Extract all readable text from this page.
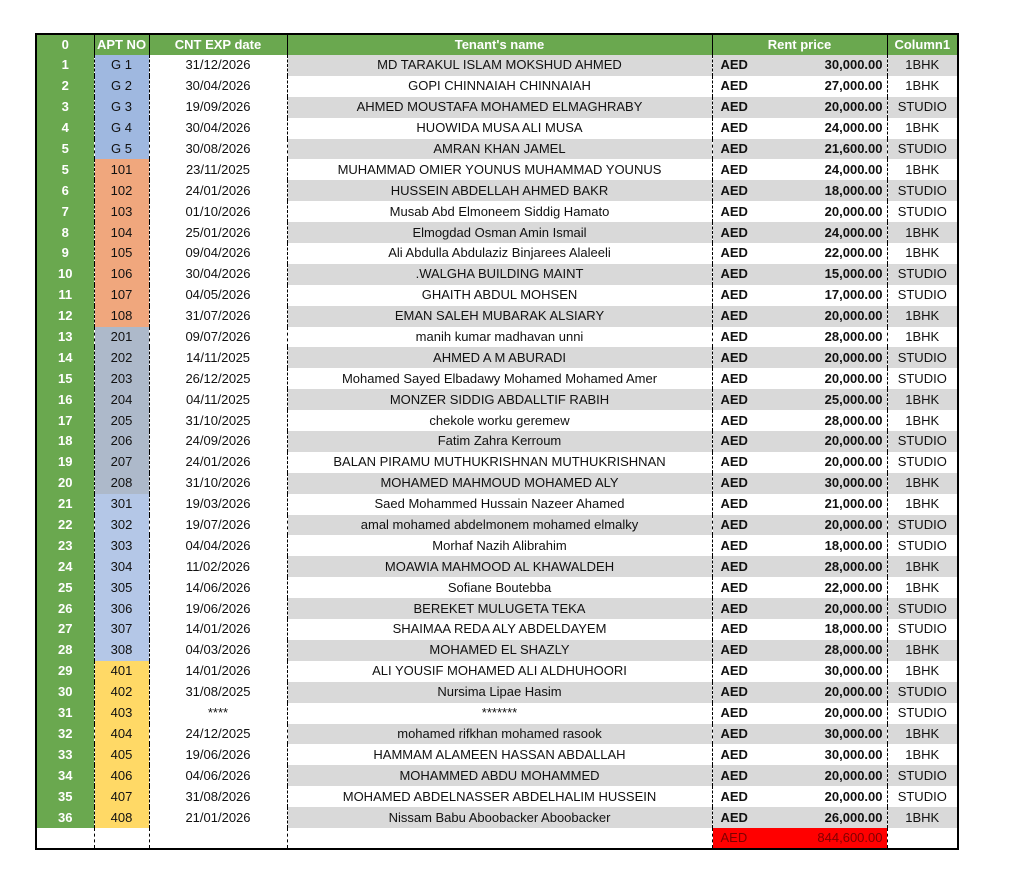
0	APT NO	CNT EXP date	Tenant's name	Rent price		Column1
1	G 1	31/12/2026	MD TARAKUL ISLAM MOKSHUD AHMED	AED	30,000.00	1BHK
2	G 2	30/04/2026	GOPI CHINNAIAH CHINNAIAH	AED	27,000.00	1BHK
3	G 3	19/09/2026	AHMED MOUSTAFA MOHAMED ELMAGHRABY	AED	20,000.00	STUDIO
4	G 4	30/04/2026	HUOWIDA MUSA ALI MUSA	AED	24,000.00	1BHK
5	G 5	30/08/2026	AMRAN KHAN JAMEL	AED	21,600.00	STUDIO
5	101	23/11/2025	MUHAMMAD OMIER YOUNUS MUHAMMAD YOUNUS	AED	24,000.00	1BHK
6	102	24/01/2026	HUSSEIN ABDELLAH AHMED BAKR	AED	18,000.00	STUDIO
7	103	01/10/2026	Musab Abd Elmoneem Siddig Hamato	AED	20,000.00	STUDIO
8	104	25/01/2026	Elmogdad Osman Amin Ismail	AED	24,000.00	1BHK
9	105	09/04/2026	Ali Abdulla Abdulaziz Binjarees Alaleeli	AED	22,000.00	1BHK
10	106	30/04/2026	.WALGHA BUILDING MAINT	AED	15,000.00	STUDIO
11	107	04/05/2026	GHAITH ABDUL MOHSEN	AED	17,000.00	STUDIO
12	108	31/07/2026	EMAN SALEH MUBARAK ALSIARY	AED	20,000.00	1BHK
13	201	09/07/2026	manih kumar madhavan unni	AED	28,000.00	1BHK
14	202	14/11/2025	AHMED A M ABURADI	AED	20,000.00	STUDIO
15	203	26/12/2025	Mohamed Sayed Elbadawy Mohamed Mohamed Amer	AED	20,000.00	STUDIO
16	204	04/11/2025	MONZER SIDDIG ABDALLTIF RABIH	AED	25,000.00	1BHK
17	205	31/10/2025	chekole worku geremew	AED	28,000.00	1BHK
18	206	24/09/2026	Fatim Zahra Kerroum	AED	20,000.00	STUDIO
19	207	24/01/2026	BALAN PIRAMU MUTHUKRISHNAN MUTHUKRISHNAN	AED	20,000.00	STUDIO
20	208	31/10/2026	MOHAMED MAHMOUD MOHAMED ALY	AED	30,000.00	1BHK
21	301	19/03/2026	Saed Mohammed Hussain Nazeer Ahamed	AED	21,000.00	1BHK
22	302	19/07/2026	amal mohamed abdelmonem mohamed elmalky	AED	20,000.00	STUDIO
23	303	04/04/2026	Morhaf Nazih Alibrahim	AED	18,000.00	STUDIO
24	304	11/02/2026	MOAWIA MAHMOOD AL KHAWALDEH	AED	28,000.00	1BHK
25	305	14/06/2026	Sofiane Boutebba	AED	22,000.00	1BHK
26	306	19/06/2026	BEREKET MULUGETA TEKA	AED	20,000.00	STUDIO
27	307	14/01/2026	SHAIMAA REDA ALY ABDELDAYEM	AED	18,000.00	STUDIO
28	308	04/03/2026	MOHAMED EL SHAZLY	AED	28,000.00	1BHK
29	401	14/01/2026	ALI YOUSIF MOHAMED ALI ALDHUHOORI	AED	30,000.00	1BHK
30	402	31/08/2025	Nursima Lipae Hasim	AED	20,000.00	STUDIO
31	403	****	*******	AED	20,000.00	STUDIO
32	404	24/12/2025	mohamed rifkhan mohamed rasook	AED	30,000.00	1BHK
33	405	19/06/2026	HAMMAM ALAMEEN HASSAN ABDALLAH	AED	30,000.00	1BHK
34	406	04/06/2026	MOHAMMED ABDU MOHAMMED	AED	20,000.00	STUDIO
35	407	31/08/2026	MOHAMED ABDELNASSER ABDELHALIM HUSSEIN	AED	20,000.00	STUDIO
36	408	21/01/2026	Nissam Babu Aboobacker Aboobacker	AED	26,000.00	1BHK
#REF!				AED	844,600.00	
